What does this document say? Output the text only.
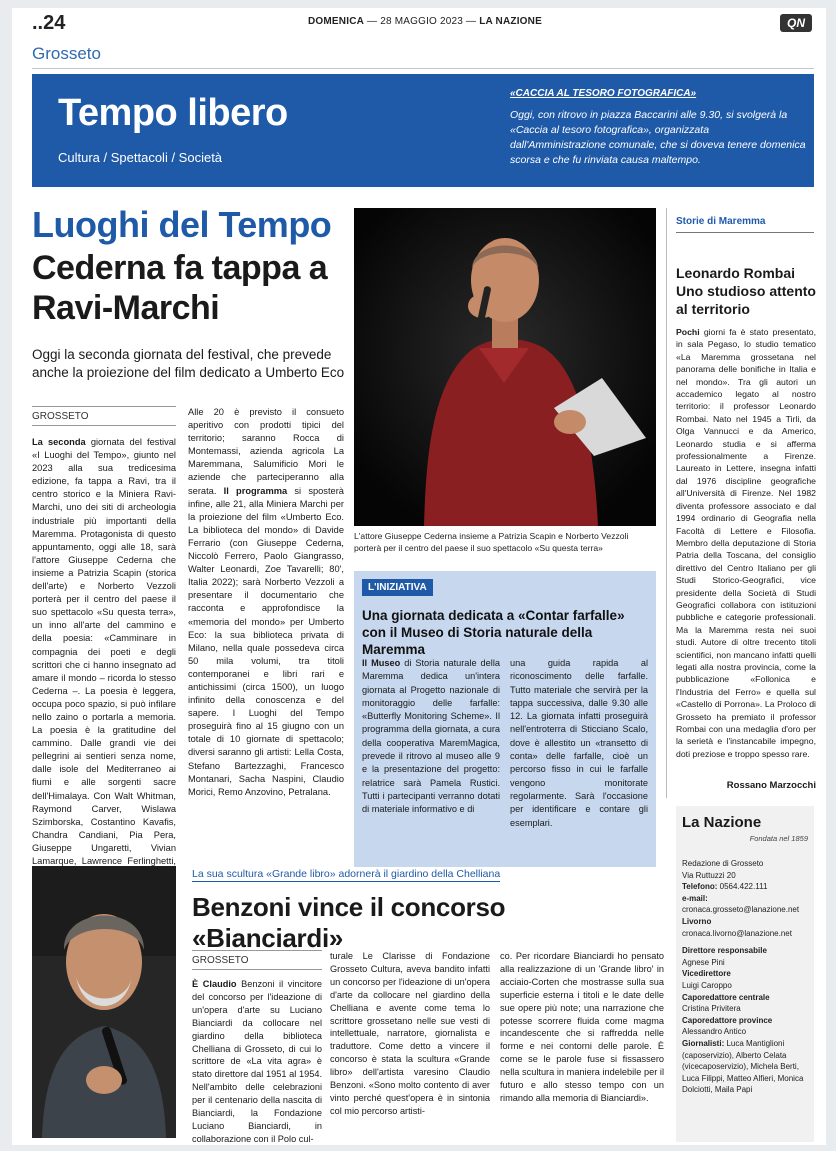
..24	DOMENICA — 28 MAGGIO 2023 — LA NAZIONE	QN
Grosseto
Tempo libero
Cultura / Spettacoli / Società
«CACCIA AL TESORO FOTOGRAFICA»
Oggi, con ritrovo in piazza Baccarini alle 9.30, si svolgerà la «Caccia al tesoro fotografica», organizzata dall'Amministrazione comunale, che si doveva tenere domenica scorsa e che fu rinviata causa maltempo.
Luoghi del Tempo
Cederna fa tappa a Ravi-Marchi
Oggi la seconda giornata del festival, che prevede anche la proiezione del film dedicato a Umberto Eco
GROSSETO
La seconda giornata del festival «I Luoghi del Tempo», giunto nel 2023 alla sua tredicesima edizione, fa tappa a Ravi, tra il centro storico e la Miniera Ravi-Marchi, uno dei siti di archeologia industriale più importanti della Maremma. Protagonista di questo appuntamento, oggi alle 18, sarà l'attore Giuseppe Cederna che insieme a Patrizia Scapin (storica dell'arte) e Norberto Vezzoli porterà per il centro del paese il suo spettacolo «Su questa terra», un inno all'arte del cammino e della poesia: «Camminare in compagnia dei poeti e degli scrittori che ci hanno insegnato ad amare il mondo – ricorda lo stesso Cederna –. La poesia è leggera, occupa poco spazio, si può infilare nello zaino o portarla a memoria. La poesia è la gratitudine del cammino. Dalle grandi vie dei pellegrini ai sentieri senza nome, dalle isole del Mediterraneo ai fiumi e alle sorgenti sacre dell'Himalaya. Con Walt Whitman, Raymond Carver, Wislawa Szimborska, Costantino Kavafis, Chandra Candiani, Pia Pera, Giuseppe Ungaretti, Vivian Lamarque, Lawrence Ferlinghetti,
Alle 20 è previsto il consueto aperitivo con prodotti tipici del territorio; saranno Rocca di Montemassi, azienda agricola La Maremmana, Salumificio Mori le aziende che parteciperanno alla serata. Il programma si sposterà infine, alle 21, alla Miniera Marchi per la proiezione del film «Umberto Eco. La biblioteca del mondo» di Davide Ferrario (con Giuseppe Cederna, Niccolò Ferrero, Paolo Giangrasso, Walter Leonardi, Zoe Tavarelli; 80', Italia 2022); sarà Norberto Vezzoli a presentare il documentario che racconta e approfondisce la «memoria del mondo» per Umberto Eco: la sua biblioteca privata di Milano, nella quale possedeva circa 50 mila volumi, tra titoli contemporanei e libri rari e antichissimi (circa 1500), un luogo infinito della conoscenza e del sapere. I Luoghi del Tempo proseguirà fino al 15 giugno con un totale di 10 giornate di spettacolo; diversi saranno gli artisti: Lella Costa, Stefano Bartezzaghi, Francesco Montanari, Sacha Naspini, Claudio Morici, Remo Anzovino, Petralana.
L'attore Giuseppe Cederna insieme a Patrizia Scapin e Norberto Vezzoli porterà per il centro del paese il suo spettacolo «Su questa terra»
L'INIZIATIVA
Una giornata dedicata a «Contar farfalle» con il Museo di Storia naturale della Maremma
Il Museo di Storia naturale della Maremma dedica un'intera giornata al Progetto nazionale di monitoraggio delle farfalle: «Butterfly Monitoring Scheme». Il programma della giornata, a cura della cooperativa MaremMagica, prevede il ritrovo al museo alle 9 e la presentazione del progetto: relatrice sarà Pamela Rustici. Tutti i partecipanti verranno dotati di materiale informativo e di
una guida rapida al riconoscimento delle farfalle. Tutto materiale che servirà per la tappa successiva, dalle 9.30 alle 12. La giornata infatti proseguirà nell'entroterra di Sticciano Scalo, dove è allestito un «transetto di conta» delle farfalle, cioè un percorso fisso in cui le farfalle vengono monitorate regolarmente. Sarà l'occasione per identificare e contare gli esemplari.
Storie di Maremma
Leonardo Rombai Uno studioso attento al territorio
Pochi giorni fa è stato presentato, in sala Pegaso, lo studio tematico «La Maremma grossetana nel panorama delle bonifiche in Italia e nel mondo». Tra gli autori un accademico legato al nostro territorio: il professor Leonardo Rombai. Nato nel 1945 a Tirli, da Olga Vannucci e da Americo, Leonardo studia e si afferma professionalmente a Firenze. Laureato in Lettere, insegna infatti dal 1976 discipline geografiche all'Università di Firenze. Nel 1982 diventa professore associato e dal 1994 ordinario di Geografia nella Facoltà di Lettere e Filosofia. Membro della deputazione di Storia Patria della Toscana, del consiglio direttivo del Centro Italiano per gli Studi Storico-Geografici, vice presidente della Società di Studi Geografici collabora con istituzioni pubbliche e categorie professionali. Ma la Maremma resta nei suoi studi. Autore di oltre trecento titoli scientifici, non mancano infatti quelli legati alla nostra provincia, come la pubblicazione «Follonica e l'Industria del Ferro» e quella sul «Castello di Porrona». La Proloco di Grosseto ha premiato il professor Rombai con una medaglia d'oro per la serietà e l'instancabile impegno, doti preziose e troppo spesso rare.
Rossano Marzocchi
La Nazione
Fondata nel 1859
Redazione di Grosseto
Via Ruttuzzi 20
Telefono: 0564.422.111
e-mail:
cronaca.grosseto@lanazione.net
Livorno
cronaca.livorno@lanazione.net
Direttore responsabile
Agnese Pini
Vicedirettore
Luigi Caroppo
Caporedattore centrale
Cristina Privitera
Caporedattore province
Alessandro Antico
Giornalisti: Luca Mantiglioni (caposervizio), Alberto Celata (vicecaposervizio), Michela Berti, Luca Filippi, Matteo Alfieri, Monica Dolciotti, Maila Papi
La sua scultura «Grande libro» adornerà il giardino della Chelliana
Benzoni vince il concorso «Bianciardi»
GROSSETO
È Claudio Benzoni il vincitore del concorso per l'ideazione di un'opera d'arte su Luciano Bianciardi da collocare nel giardino della biblioteca Chelliana di Grosseto, di cui lo scrittore de «La vita agra» è stato direttore dal 1951 al 1954. Nell'ambito delle celebrazioni per il centenario della nascita di Bianciardi, la Fondazione Luciano Bianciardi, in collaborazione con il Polo cul-
turale Le Clarisse di Fondazione Grosseto Cultura, aveva bandito infatti un concorso per l'ideazione di un'opera d'arte da collocare nel giardino della Chelliana e avente come tema lo scrittore grossetano nelle sue vesti di intellettuale, narratore, giornalista e traduttore. Come detto a vincere il concorso è stata la scultura «Grande libro» dell'artista varesino Claudio Benzoni. «Sono molto contento di aver vinto perché quest'opera è in sintonia col mio percorso artisti-
co. Per ricordare Bianciardi ho pensato alla realizzazione di un 'Grande libro' in acciaio-Corten che mostrasse sulla sua superficie esterna i titoli e le date delle sue opere più note; una narrazione che potesse scorrere fluida come magma incandescente che si raffredda nelle forme e nei contorni delle parole. È come se le parole fuse si fissassero nella scultura in maniera indelebile per il futuro e allo stesso tempo con un rimando alla memoria di Bianciardi».
